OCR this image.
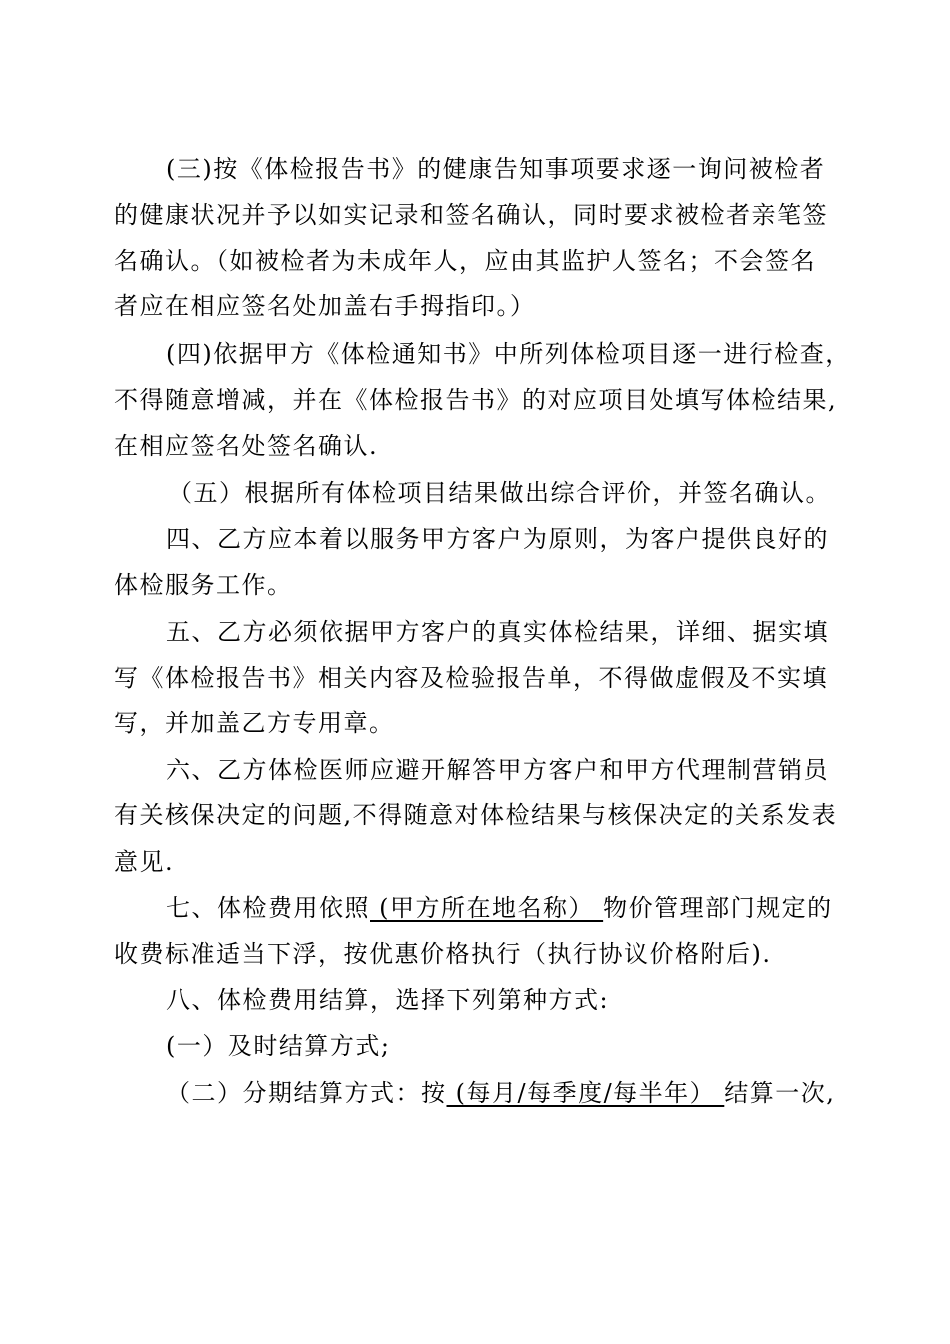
(三)按《体检报告书》的健康告知事项要求逐一询问被检者
的健康状况并予以如实记录和签名确认，同时要求被检者亲笔签
名确认。（如被检者为未成年人，应由其监护人签名；不会签名
者应在相应签名处加盖右手拇指印。）
(四)依据甲方《体检通知书》中所列体检项目逐一进行检查，
不得随意增减，并在《体检报告书》的对应项目处填写体检结果,
在相应签名处签名确认.
（五）根据所有体检项目结果做出综合评价，并签名确认。
四、乙方应本着以服务甲方客户为原则，为客户提供良好的
体检服务工作。
五、乙方必须依据甲方客户的真实体检结果，详细、据实填
写《体检报告书》相关内容及检验报告单，不得做虚假及不实填
写，并加盖乙方专用章。
六、乙方体检医师应避开解答甲方客户和甲方代理制营销员
有关核保决定的问题,不得随意对体检结果与核保决定的关系发表
意见.
七、体检费用依照 (甲方所在地名称） 物价管理部门规定的
收费标准适当下浮，按优惠价格执行（执行协议价格附后).
八、体检费用结算，选择下列第种方式:
(一）及时结算方式;
（二）分期结算方式：按 (每月/每季度/每半年） 结算一次,
